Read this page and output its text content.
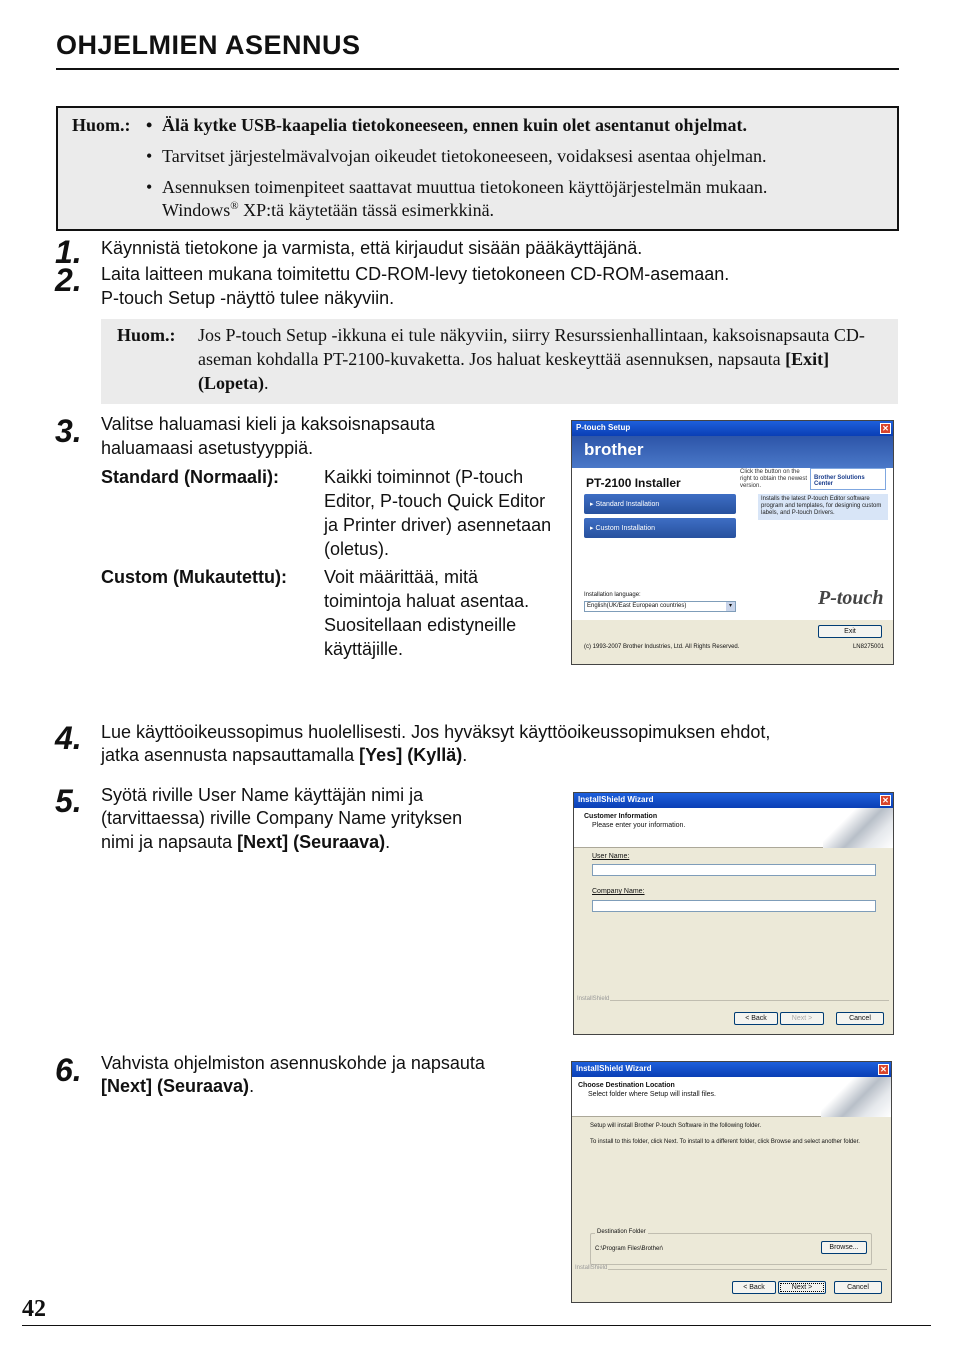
OHJELMIEN ASENNUS
Huom.: • Älä kytke USB-kaapelia tietokoneeseen, ennen kuin olet asentanut ohjelmat.
• Tarvitset järjestelmävalvojan oikeudet tietokoneeseen, voidaksesi asentaa ohjelman.
• Asennuksen toimenpiteet saattavat muuttua tietokoneen käyttöjärjestelmän mukaan.
Windows® XP:tä käytetään tässä esimerkkinä.
1. Käynnistä tietokone ja varmista, että kirjaudut sisään pääkäyttäjänä.
2. Laita laitteen mukana toimitettu CD-ROM-levy tietokoneen CD-ROM-asemaan.
P-touch Setup -näyttö tulee näkyviin.
Huom.: Jos P-touch Setup -ikkuna ei tule näkyviin, siirry Resurssienhallintaan, kaksoisnapsauta CD-aseman kohdalla PT-2100-kuvaketta. Jos haluat keskeyttää asennuksen, napsauta [Exit] (Lopeta).
3. Valitse haluamasi kieli ja kaksoisnapsauta
haluamaasi asetustyyppiä.
Standard (Normaali): Kaikki toiminnot (P-touch Editor, P-touch Quick Editor ja Printer driver) asennetaan (oletus).
Custom (Mukautettu): Voit määrittää, mitä toimintoja haluat asentaa. Suositellaan edistyneille käyttäjille.
P-touch Setup	✕
brother
PT-2100 Installer
▸ Standard Installation
▸ Custom Installation
Click the button on the right to obtain the newest version.
Brother Solutions Center
Installs the latest P-touch Editor software program and templates, for designing custom labels, and P-touch Drivers.
Installation language:
English(UK/East European countries)	▾	P-touch
Exit
(c) 1993-2007 Brother Industries, Ltd. All Rights Reserved.	LN8275001
4. Lue käyttöoikeussopimus huolellisesti. Jos hyväksyt käyttöoikeussopimuksen ehdot,
jatka asennusta napsauttamalla [Yes] (Kyllä).
5. Syötä riville User Name käyttäjän nimi ja
(tarvittaessa) riville Company Name yrityksen
nimi ja napsauta [Next] (Seuraava).
InstallShield Wizard	✕
Customer Information
Please enter your information.
User Name:
Company Name:
InstallShield
< Back	Next >	Cancel
6. Vahvista ohjelmiston asennuskohde ja napsauta
[Next] (Seuraava).
InstallShield Wizard	✕
Choose Destination Location
Select folder where Setup will install files.
Setup will install Brother P-touch Software in the following folder.
To install to this folder, click Next. To install to a different folder, click Browse and select another folder.
Destination Folder
C:\Program Files\Brother\	Browse...
InstallShield
< Back	Next >	Cancel
42
